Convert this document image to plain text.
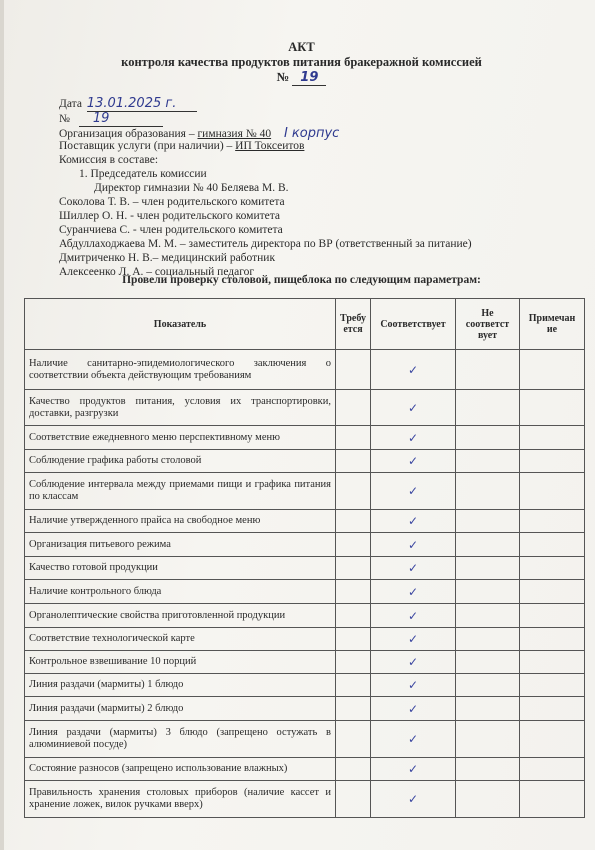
АКТ
контроля качества продуктов питания бракеражной комиссией
№ 19
Дата 13.01.2025 г.
№ 19
Организация образования – гимназия № 40 I корпус
Поставщик услуги (при наличии) – ИП Токсеитов
Комиссия в составе:
1. Председатель комиссии
Директор гимназии № 40 Беляева М. В.
Соколова Т. В. – член родительского комитета
Шиллер О. Н. - член родительского комитета
Суранчиева С. - член родительского комитета
Абдуллаходжаева М. М. – заместитель директора по ВР (ответственный за питание)
Дмитриченко Н. В.– медицинский работник
Алексеенко Л. А. – социальный педагог
Провели проверку столовой, пищеблока по следующим параметрам:
Показатель	Требу ется	Соответствует	Не соответст вует	Примечан ие
Наличие санитарно-эпидемиологического заключения о соответствии объекта действующим требованиям		✓		
Качество продуктов питания, условия их транспортировки, доставки, разгрузки		✓		
Соответствие ежедневного меню перспективному меню		✓		
Соблюдение графика работы столовой		✓		
Соблюдение интервала между приемами пищи и графика питания по классам		✓		
Наличие утвержденного прайса на свободное меню		✓		
Организация питьевого режима		✓		
Качество готовой продукции		✓		
Наличие контрольного блюда		✓		
Органолептические свойства приготовленной продукции		✓		
Соответствие технологической карте		✓		
Контрольное взвешивание 10 порций		✓		
Линия раздачи (мармиты) 1 блюдо		✓		
Линия раздачи (мармиты) 2 блюдо		✓		
Линия раздачи (мармиты) 3 блюдо (запрещено остужать в алюминиевой посуде)		✓		
Состояние разносов (запрещено использование влажных)		✓		
Правильность хранения столовых приборов (наличие кассет и хранение ложек, вилок ручками вверх)		✓		
